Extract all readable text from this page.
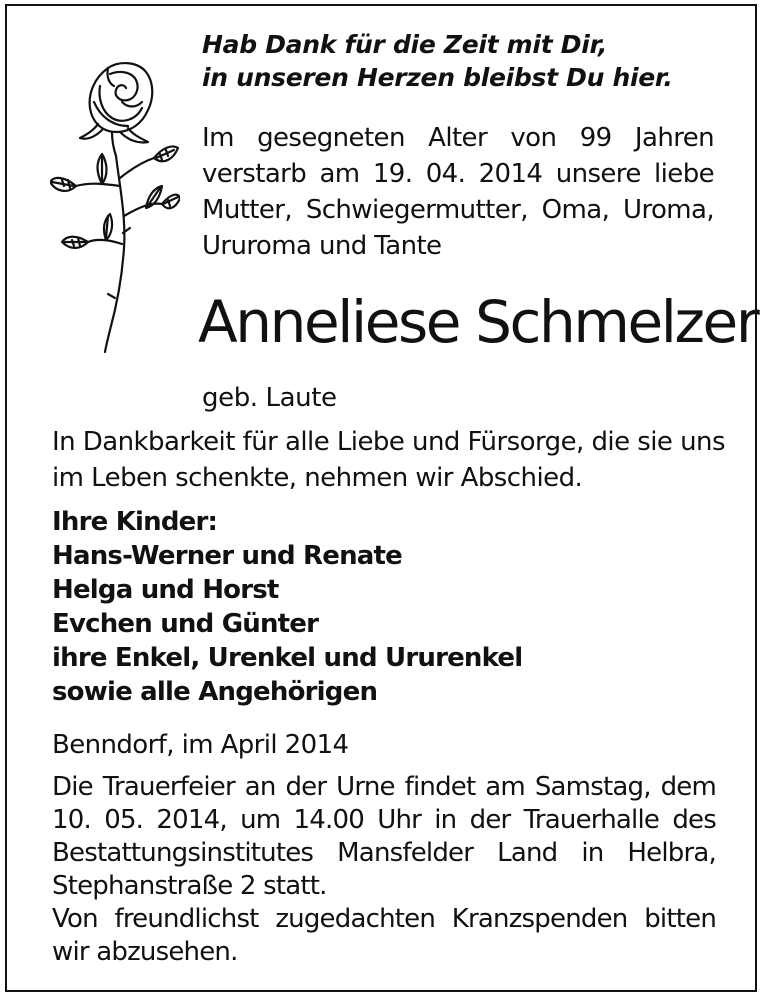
Hab Dank für die Zeit mit Dir,
in unseren Herzen bleibst Du hier.

Im gesegneten Alter von 99 Jahren verstarb am 19. 04. 2014 unsere liebe Mutter, Schwiegermutter, Oma, Uroma, Ururoma und Tante

Anneliese Schmelzer

geb. Laute

In Dankbarkeit für alle Liebe und Fürsorge, die sie uns im Leben schenkte, nehmen wir Abschied.

Ihre Kinder:
Hans-Werner und Renate
Helga und Horst
Evchen und Günter
ihre Enkel, Urenkel und Ururenkel
sowie alle Angehörigen

Benndorf, im April 2014

Die Trauerfeier an der Urne findet am Samstag, dem 10. 05. 2014, um 14.00 Uhr in der Trauerhalle des Bestattungsinstitutes Mansfelder Land in Helbra, Stephanstraße 2 statt.

Von freundlichst zugedachten Kranzspenden bitten wir abzusehen.
